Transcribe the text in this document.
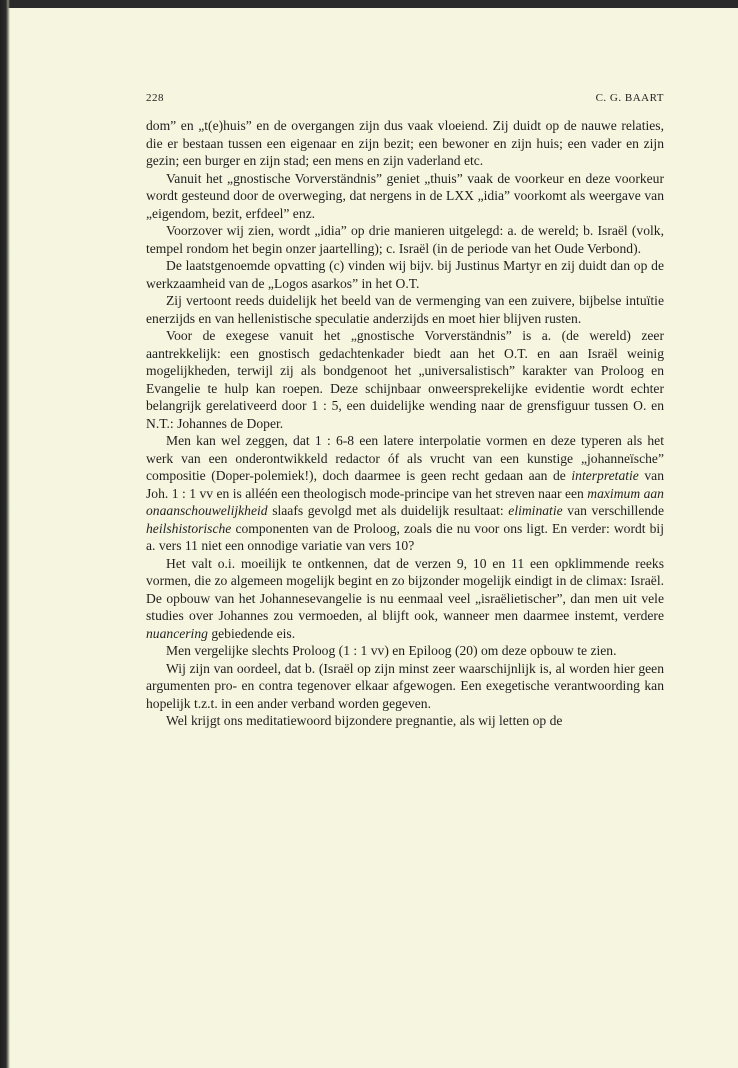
228	C. G. BAART

dom” en „t(e)huis” en de overgangen zijn dus vaak vloeiend. Zij duidt op de nauwe relaties, die er bestaan tussen een eigenaar en zijn bezit; een bewoner en zijn huis; een vader en zijn gezin; een burger en zijn stad; een mens en zijn vaderland etc.

Vanuit het „gnostische Vorverständnis” geniet „thuis” vaak de voorkeur en deze voorkeur wordt gesteund door de overweging, dat nergens in de LXX „idia” voorkomt als weergave van „eigendom, bezit, erfdeel” enz.

Voorzover wij zien, wordt „idia” op drie manieren uitgelegd: a. de wereld; b. Israël (volk, tempel rondom het begin onzer jaartelling); c. Israël (in de periode van het Oude Verbond).

De laatstgenoemde opvatting (c) vinden wij bijv. bij Justinus Martyr en zij duidt dan op de werkzaamheid van de „Logos asarkos” in het O.T.

Zij vertoont reeds duidelijk het beeld van de vermenging van een zuivere, bijbelse intuïtie enerzijds en van hellenistische speculatie anderzijds en moet hier blijven rusten.

Voor de exegese vanuit het „gnostische Vorverständnis” is a. (de wereld) zeer aantrekkelijk: een gnostisch gedachtenkader biedt aan het O.T. en aan Israël weinig mogelijkheden, terwijl zij als bondgenoot het „universalistisch” karakter van Proloog en Evangelie te hulp kan roepen. Deze schijnbaar onweersprekelijke evidentie wordt echter belangrijk gerelativeerd door 1 : 5, een duidelijke wending naar de grensfiguur tussen O. en N.T.: Johannes de Doper.

Men kan wel zeggen, dat 1 : 6-8 een latere interpolatie vormen en deze typeren als het werk van een onderontwikkeld redactor óf als vrucht van een kunstige „johanneïsche” compositie (Doper-polemiek!), doch daarmee is geen recht gedaan aan de interpretatie van Joh. 1 : 1 vv en is alléén een theologisch mode-principe van het streven naar een maximum aan onaanschouwelijkheid slaafs gevolgd met als duidelijk resultaat: eliminatie van verschillende heilshistorische componenten van de Proloog, zoals die nu voor ons ligt. En verder: wordt bij a. vers 11 niet een onnodige variatie van vers 10?

Het valt o.i. moeilijk te ontkennen, dat de verzen 9, 10 en 11 een opklimmende reeks vormen, die zo algemeen mogelijk begint en zo bijzonder mogelijk eindigt in de climax: Israël. De opbouw van het Johannesevangelie is nu eenmaal veel „israëlietischer”, dan men uit vele studies over Johannes zou vermoeden, al blijft ook, wanneer men daarmee instemt, verdere nuancering gebiedende eis.

Men vergelijke slechts Proloog (1 : 1 vv) en Epiloog (20) om deze opbouw te zien.

Wij zijn van oordeel, dat b. (Israël op zijn minst zeer waarschijnlijk is, al worden hier geen argumenten pro- en contra tegenover elkaar afgewogen. Een exegetische verantwoording kan hopelijk t.z.t. in een ander verband worden gegeven.

Wel krijgt ons meditatiewoord bijzondere pregnantie, als wij letten op de
